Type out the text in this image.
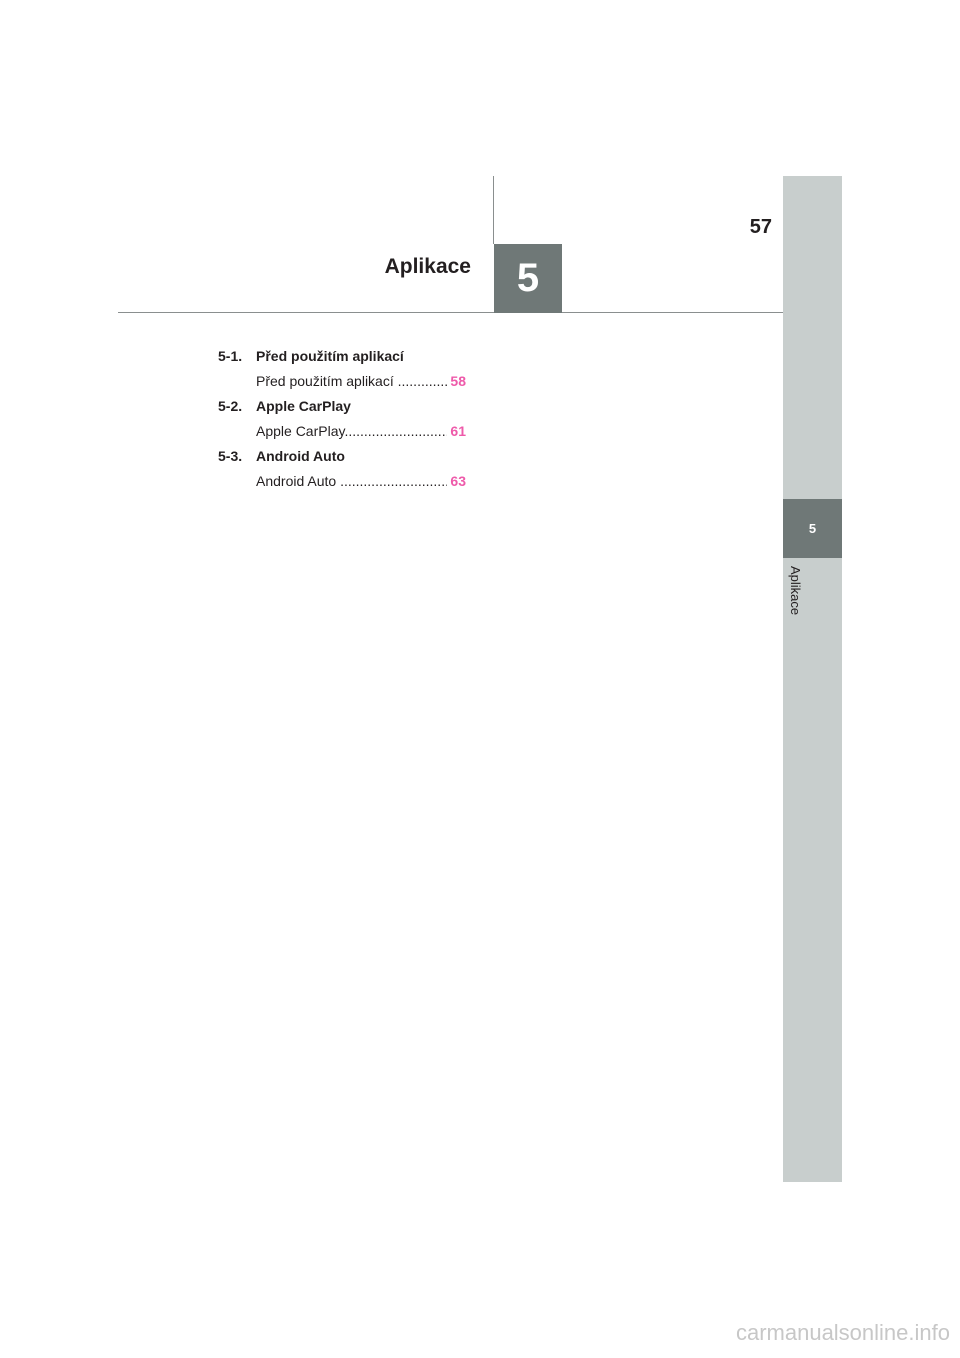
5
Aplikace
57
Aplikace	5
5-1. Před použitím aplikací
Před použitím aplikací .....	58
5-2. Apple CarPlay
Apple CarPlay .....	61
5-3. Android Auto
Android Auto .....	63
carmanualsonline.info
